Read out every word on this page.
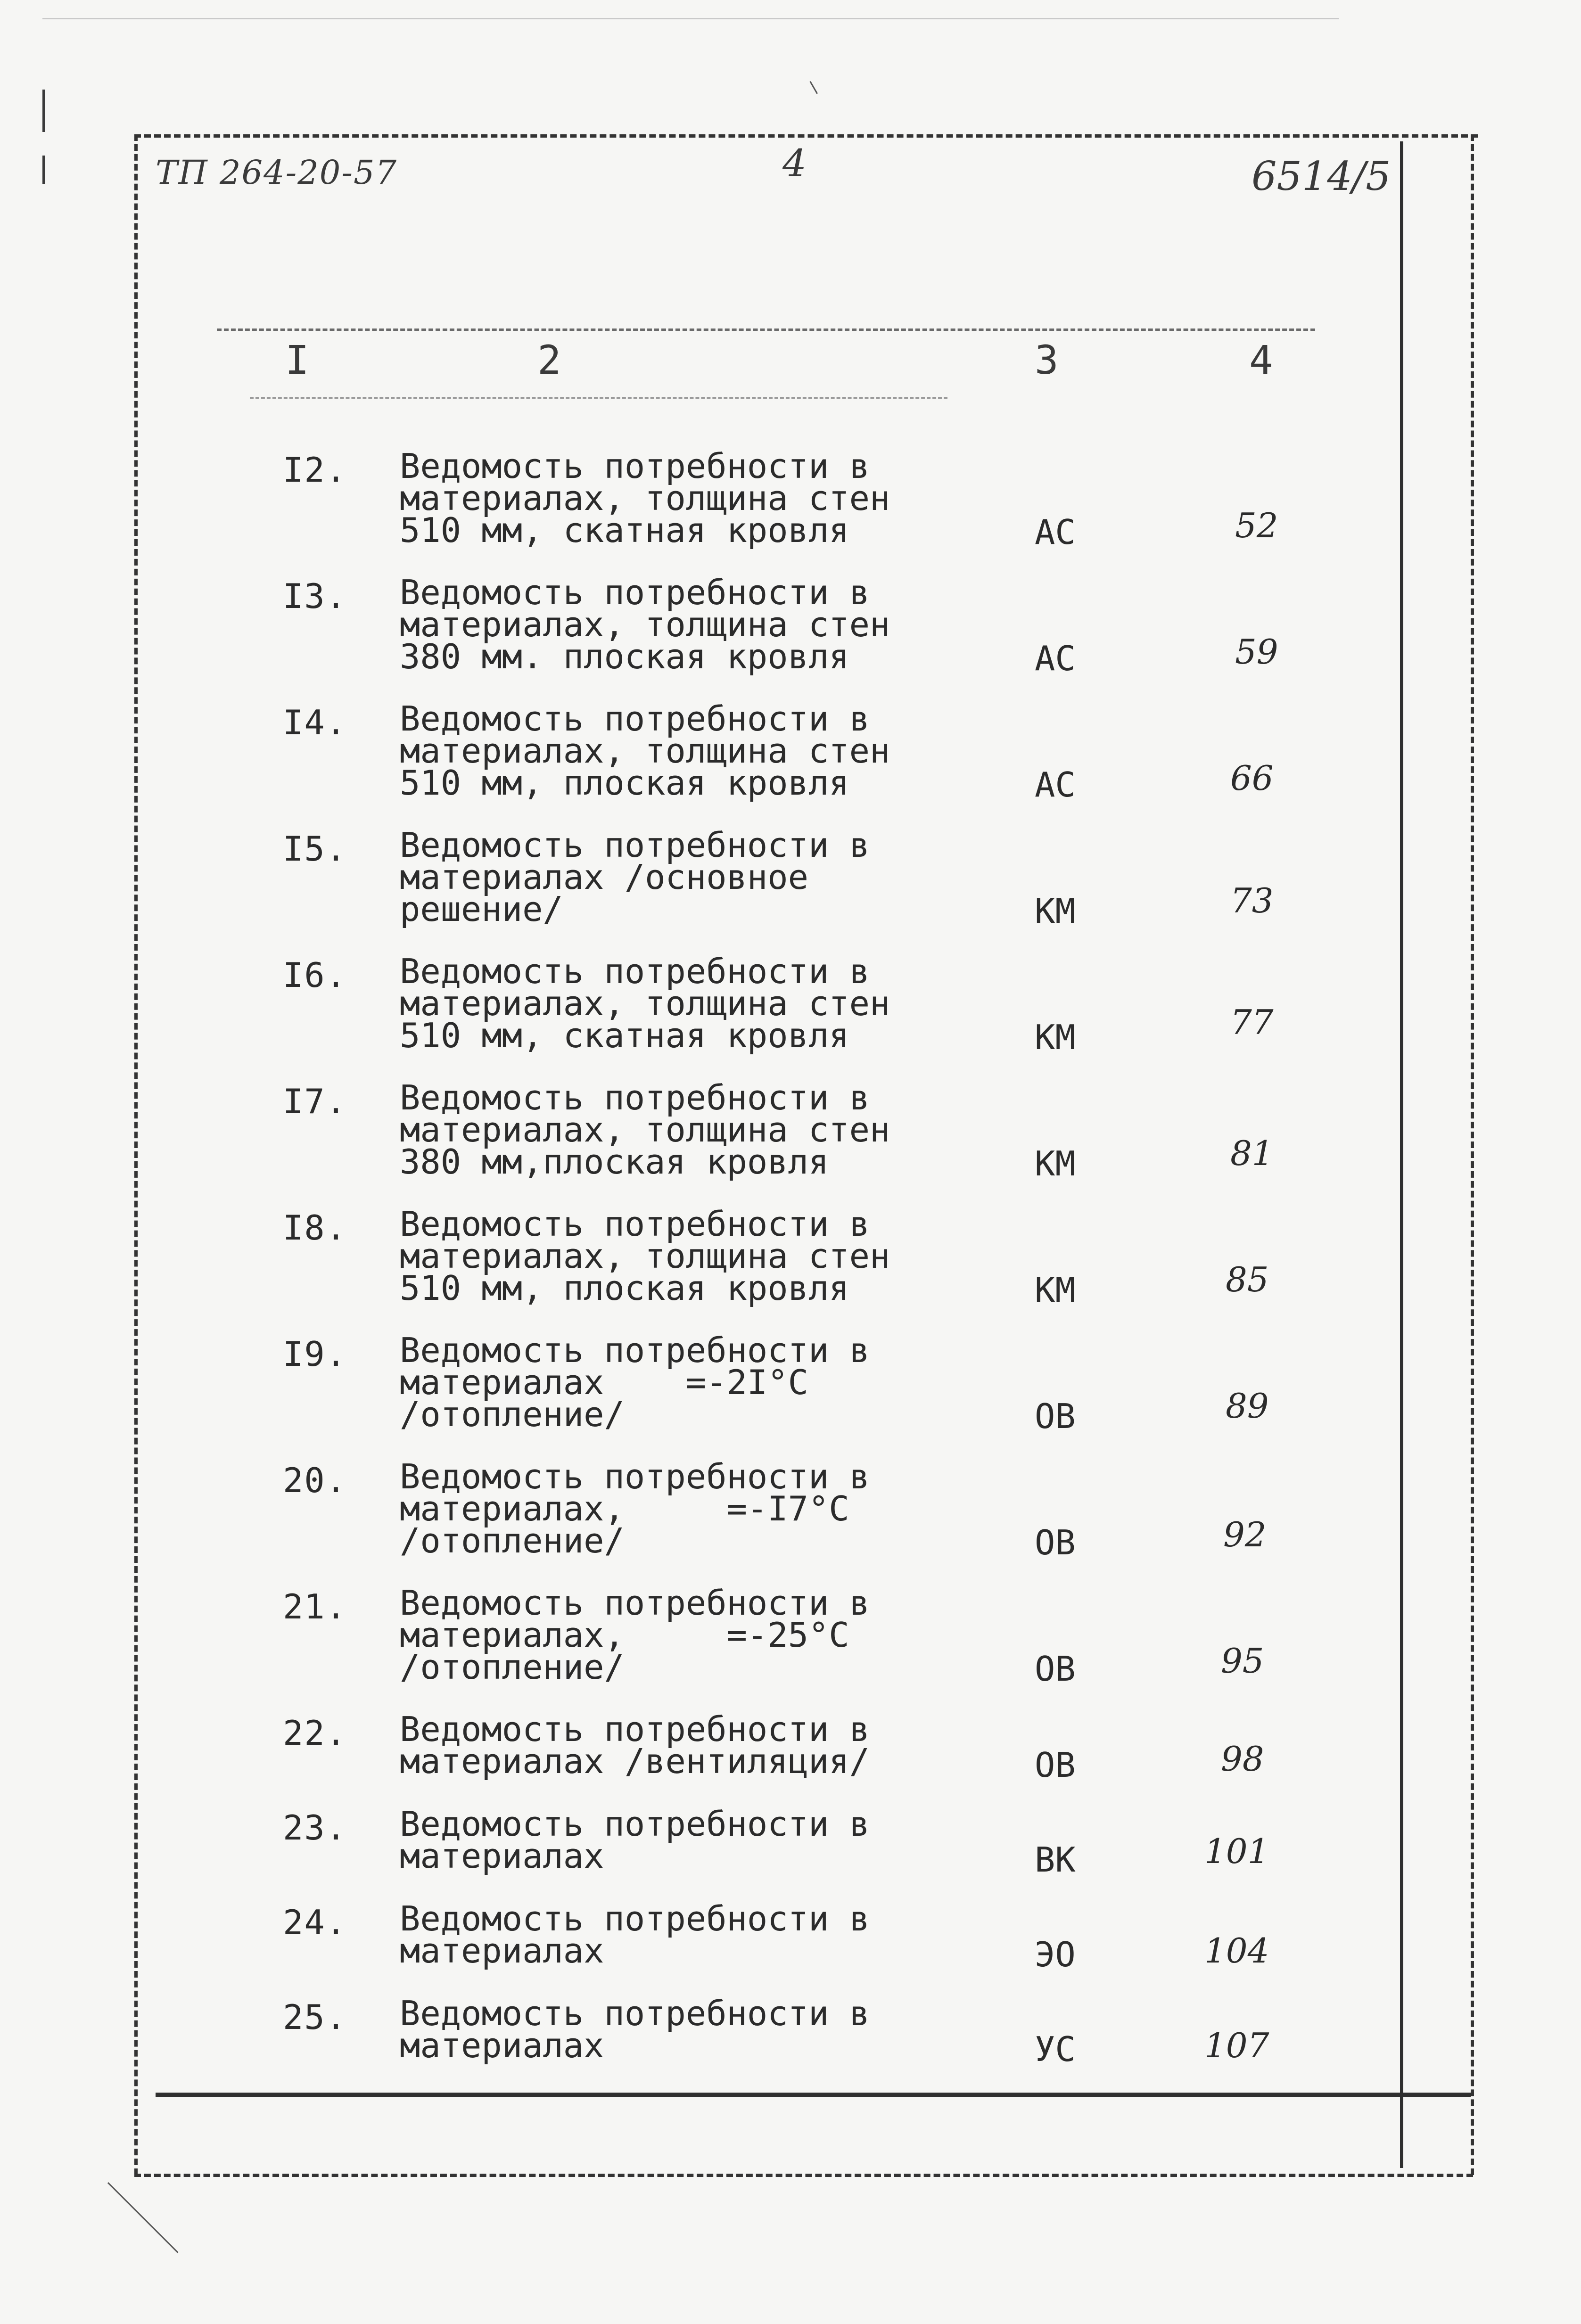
ТП 264-20-57	4	6514/5
I	2	3	4
I2. Ведомость потребности в
материалах, толщина стен
510 мм, скатная кровля	АС	52
I3. Ведомость потребности в
материалах, толщина стен
380 мм. плоская кровля	АС	59
I4. Ведомость потребности в
материалах, толщина стен
510 мм, плоская кровля	АС	66
I5. Ведомость потребности в
материалах /основное
решение/	КМ	73
I6. Ведомость потребности в
материалах, толщина стен
510 мм, скатная кровля	КМ	77
I7. Ведомость потребности в
материалах, толщина стен
380 мм,плоская кровля	КМ	81
I8. Ведомость потребности в
материалах, толщина стен
510 мм, плоская кровля	КМ	85
I9. Ведомость потребности в
материалах    =-2I°С
/отопление/	ОВ	89
20. Ведомость потребности в
материалах,     =-I7°С
/отопление/	ОВ	92
21. Ведомость потребности в
материалах,     =-25°С
/отопление/	ОВ	95
22. Ведомость потребности в
материалах /вентиляция/	ОВ	98
23. Ведомость потребности в
материалах	ВК	101
24. Ведомость потребности в
материалах	ЭО	104
25. Ведомость потребности в
материалах	УС	107
